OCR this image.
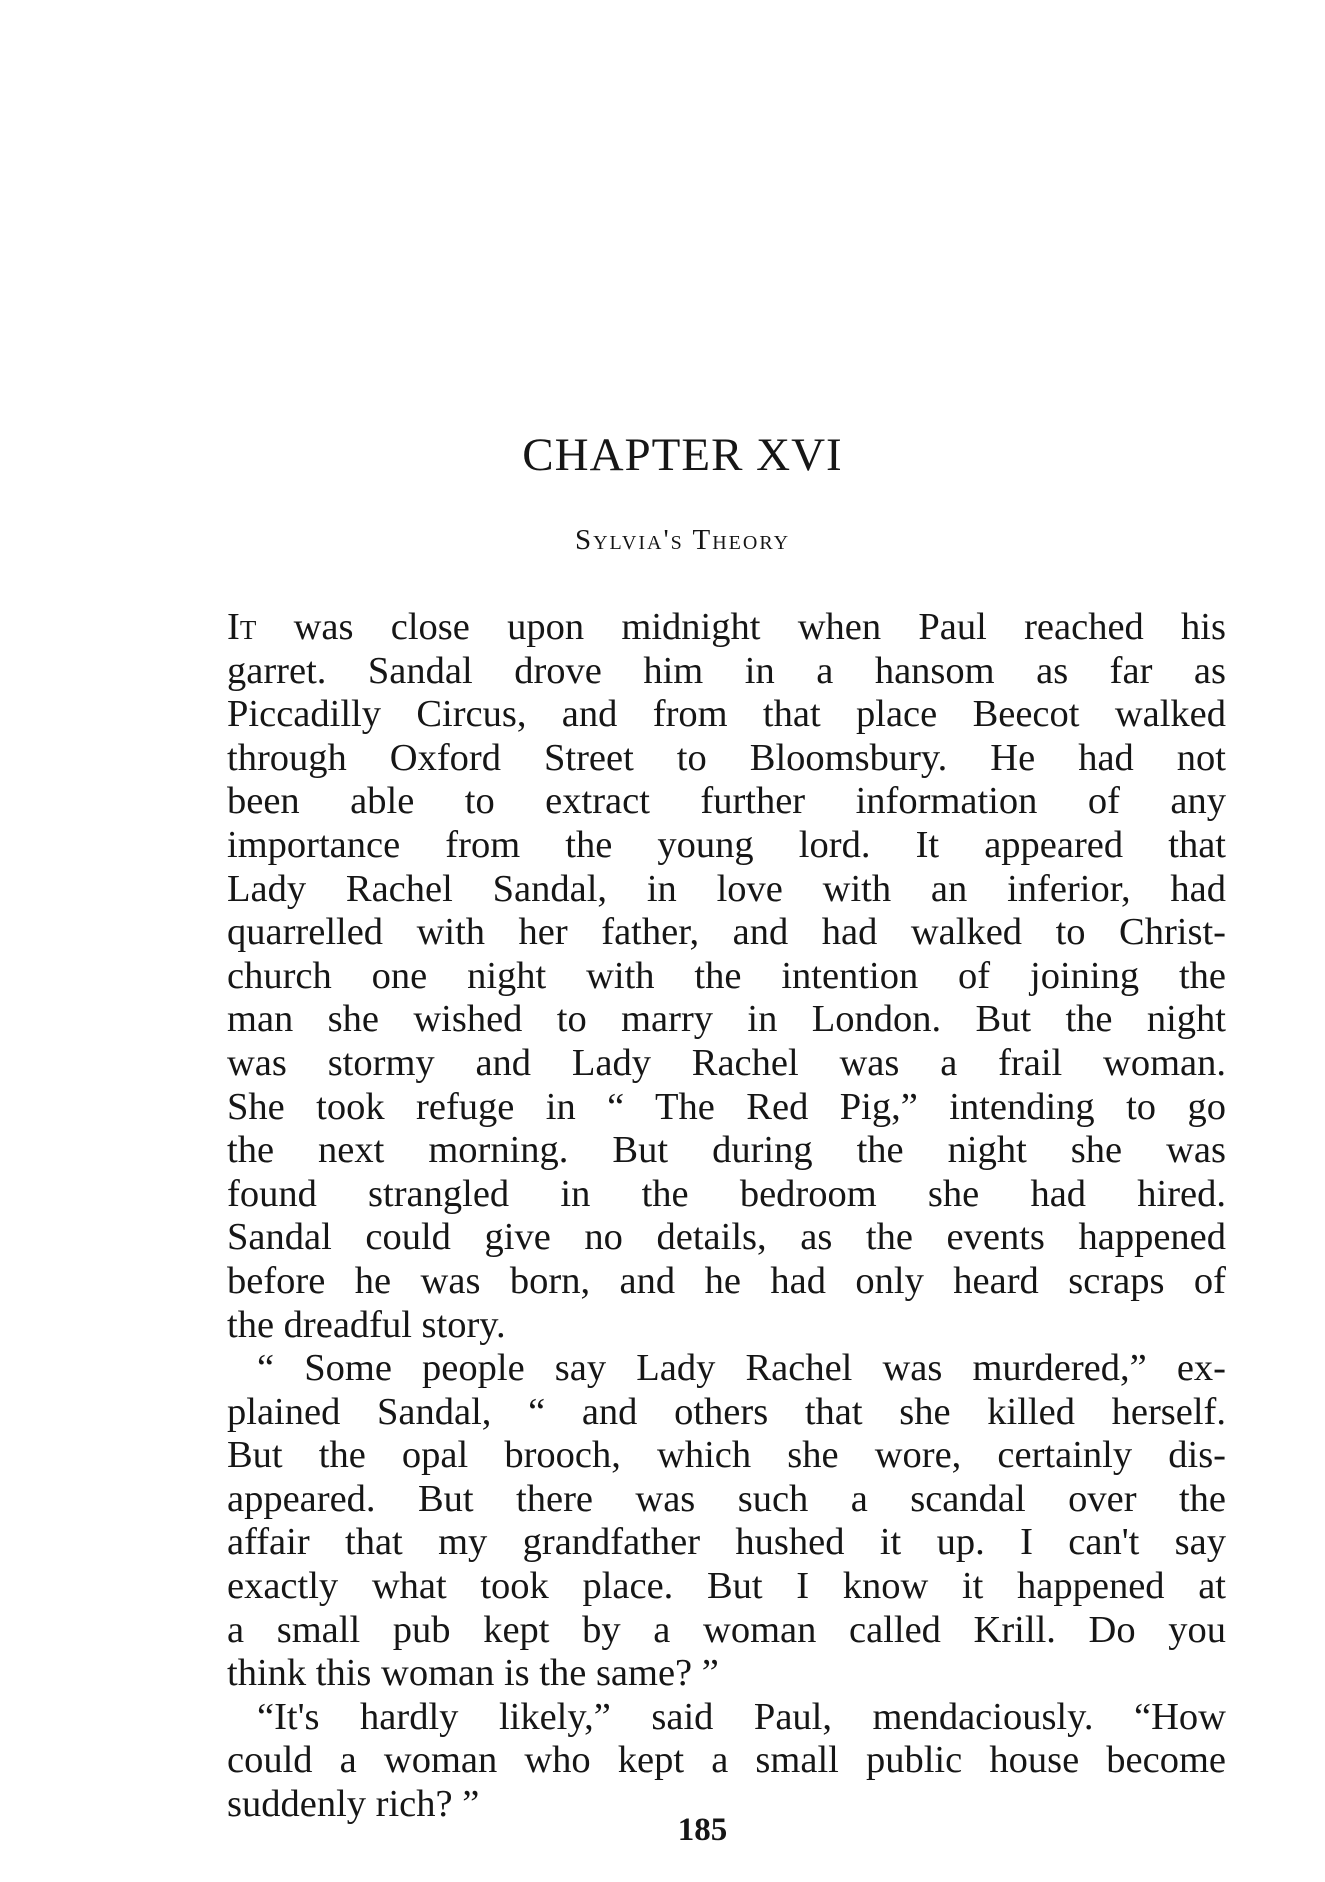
CHAPTER XVI
Sylvia's Theory
It was close upon midnight when Paul reached his
garret. Sandal drove him in a hansom as far as
Piccadilly Circus, and from that place Beecot walked
through Oxford Street to Bloomsbury. He had not
been able to extract further information of any
importance from the young lord. It appeared that
Lady Rachel Sandal, in love with an inferior, had
quarrelled with her father, and had walked to Christ-
church one night with the intention of joining the
man she wished to marry in London. But the night
was stormy and Lady Rachel was a frail woman.
She took refuge in “ The Red Pig,” intending to go
the next morning. But during the night she was
found strangled in the bedroom she had hired.
Sandal could give no details, as the events happened
before he was born, and he had only heard scraps of
the dreadful story.
“ Some people say Lady Rachel was murdered,” ex-
plained Sandal, “ and others that she killed herself.
But the opal brooch, which she wore, certainly dis-
appeared. But there was such a scandal over the
affair that my grandfather hushed it up. I can't say
exactly what took place. But I know it happened at
a small pub kept by a woman called Krill. Do you
think this woman is the same? ”
“It's hardly likely,” said Paul, mendaciously. “How
could a woman who kept a small public house become
suddenly rich? ”
185
